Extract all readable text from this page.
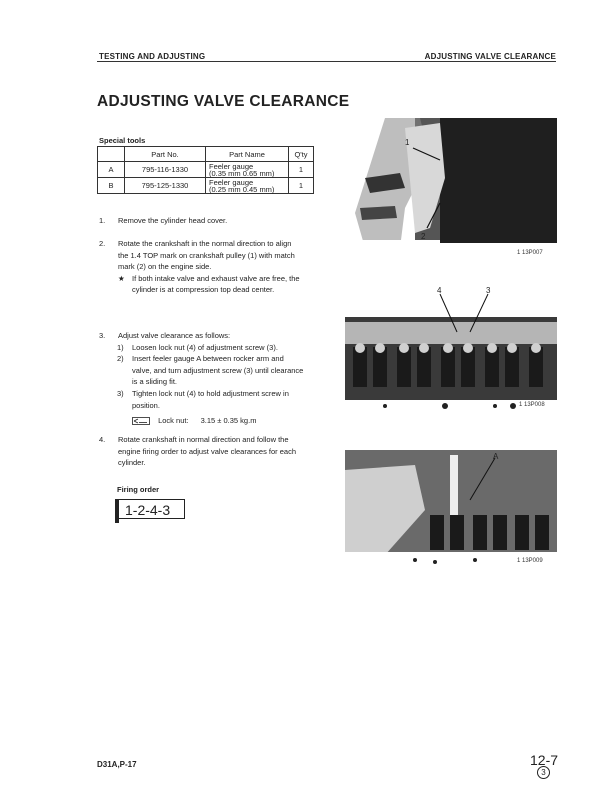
TESTING AND ADJUSTING	ADJUSTING VALVE CLEARANCE
ADJUSTING VALVE CLEARANCE
Special tools
	Part No.	Part Name	Q'ty
A	795-116-1330	Feeler gauge
(0.35 mm 0.65 mm)	1
B	795-125-1330	Feeler gauge
(0.25 mm 0.45 mm)	1
1.	Remove the cylinder head cover.
2.	Rotate the crankshaft in the normal direction to align
the 1.4 TOP mark on crankshaft pulley (1) with match
mark (2) on the engine side.
★ If both intake valve and exhaust valve are free, the
cylinder is at compression top dead center.
3.	Adjust valve clearance as follows:
1) Loosen lock nut (4) of adjustment screw (3).
2) Insert feeler gauge A between rocker arm and
valve, and turn adjustment screw (3) until clearance
is a sliding fit.
3) Tighten lock nut (4) to hold adjustment screw in
position.
Lock nut: 3.15 ± 0.35 kg.m
4.	Rotate crankshaft in normal direction and follow the
engine firing order to adjust valve clearances for each
cylinder.
Firing order
1-2-4-3
1
2
1 13P007
4	3
1 13P008
A
1 13P009
D31A,P-17	12-7
3
